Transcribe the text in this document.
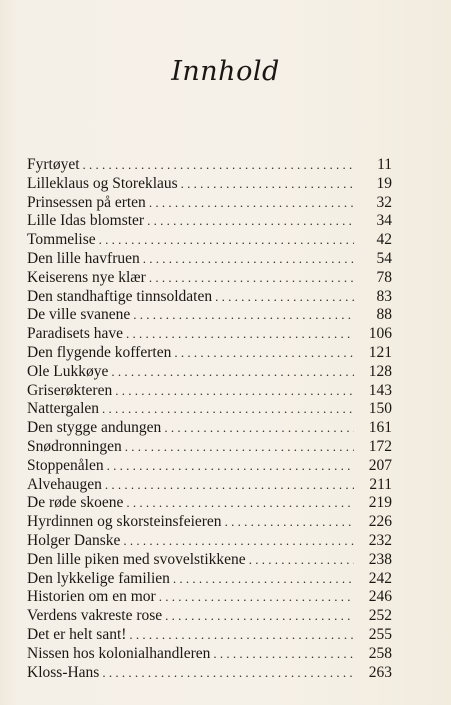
Innhold
Fyrtøyet . . .	11
Lilleklaus og Storeklaus . . .	19
Prinsessen på erten . . .	32
Lille Idas blomster . . .	34
Tommelise . . .	42
Den lille havfruen . . .	54
Keiserens nye klær . . .	78
Den standhaftige tinnsoldaten . . .	83
De ville svanene . . .	88
Paradisets have . . .	106
Den flygende kofferten . . .	121
Ole Lukkøye . . .	128
Griserøkteren . . .	143
Nattergalen . . .	150
Den stygge andungen . . .	161
Snødronningen . . .	172
Stoppenålen . . .	207
Alvehaugen . . .	211
De røde skoene . . .	219
Hyrdinnen og skorsteinsfeieren . . .	226
Holger Danske . . .	232
Den lille piken med svovelstikkene . . .	238
Den lykkelige familien . . .	242
Historien om en mor . . .	246
Verdens vakreste rose . . .	252
Det er helt sant! . . .	255
Nissen hos kolonialhandleren . . .	258
Kloss-Hans . . .	263
